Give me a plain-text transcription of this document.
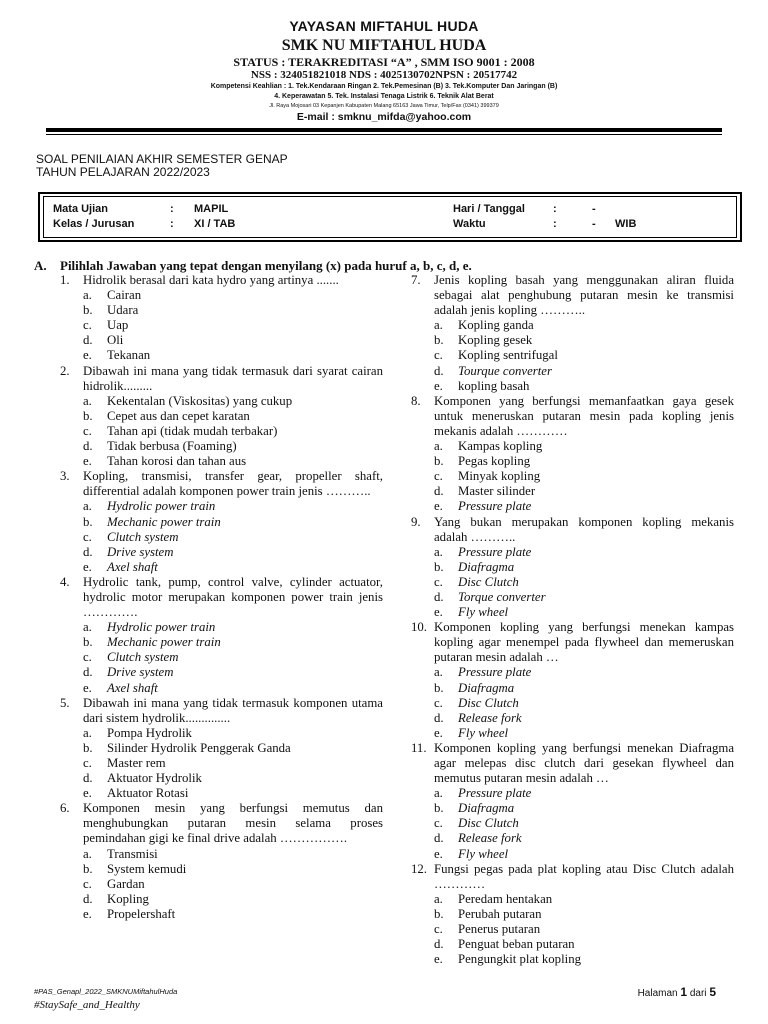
YAYASAN MIFTAHUL HUDA
SMK NU MIFTAHUL HUDA
STATUS : TERAKREDITASI “A” , SMM ISO 9001 : 2008
NSS : 324051821018 NDS : 4025130702NPSN : 20517742
Kompetensi Keahlian : 1. Tek.Kendaraan Ringan 2. Tek.Pemesinan (B) 3. Tek.Komputer Dan Jaringan (B)
4. Keperawatan 5. Tek. Instalasi Tenaga Listrik 6. Teknik Alat Berat
Jl. Raya Mojosari 03 Kepanjen Kabupaten Malang 65163 Jawa Timur, Telp/Fax (0341) 399379
E-mail : smknu_mifda@yahoo.com
SOAL PENILAIAN AKHIR SEMESTER GENAP
TAHUN PELAJARAN 2022/2023
Mata Ujian	: MAPIL
Kelas / Jurusan	: XI / TAB
Hari / Tanggal	:	-
Waktu	:	- WIB
A. Pilihlah Jawaban yang tepat dengan menyilang (x) pada huruf a, b, c, d, e.
1.	Hidrolik berasal dari kata hydro yang artinya .......
a.	Cairan
b.	Udara
c.	Uap
d.	Oli
e.	Tekanan
2.	Dibawah ini mana yang tidak termasuk dari syarat cairan hidrolik.........
a.	Kekentalan (Viskositas) yang cukup
b.	Cepet aus dan cepet karatan
c.	Tahan api (tidak mudah terbakar)
d.	Tidak berbusa (Foaming)
e.	Tahan korosi dan tahan aus
3.	Kopling, transmisi, transfer gear, propeller shaft, differential adalah komponen power train jenis ………..
a.	Hydrolic power train
b.	Mechanic power train
c.	Clutch system
d.	Drive system
e.	Axel shaft
4.	Hydrolic tank, pump, control valve, cylinder actuator, hydrolic motor merupakan komponen power train jenis ………….
a.	Hydrolic power train
b.	Mechanic power train
c.	Clutch system
d.	Drive system
e.	Axel shaft
5.	Dibawah ini mana yang tidak termasuk komponen utama dari sistem hydrolik..............
a.	Pompa Hydrolik
b.	Silinder Hydrolik Penggerak Ganda
c.	Master rem
d.	Aktuator Hydrolik
e.	Aktuator Rotasi
6.	Komponen mesin yang berfungsi memutus dan menghubungkan putaran mesin selama proses pemindahan gigi ke final drive adalah …………….
a.	Transmisi
b.	System kemudi
c.	Gardan
d.	Kopling
e.	Propelershaft
7.	Jenis kopling basah yang menggunakan aliran fluida sebagai alat penghubung putaran mesin ke transmisi adalah jenis kopling ………..
a.	Kopling ganda
b.	Kopling gesek
c.	Kopling sentrifugal
d.	Tourque converter
e.	kopling basah
8.	Komponen yang berfungsi memanfaatkan gaya gesek untuk meneruskan putaran mesin pada kopling jenis mekanis adalah …………
a.	Kampas kopling
b.	Pegas kopling
c.	Minyak kopling
d.	Master silinder
e.	Pressure plate
9.	Yang bukan merupakan komponen kopling mekanis adalah ………..
a.	Pressure plate
b.	Diafragma
c.	Disc Clutch
d.	Torque converter
e.	Fly wheel
10. Komponen kopling yang berfungsi menekan kampas kopling agar menempel pada flywheel dan memeruskan putaran mesin adalah …
a.	Pressure plate
b.	Diafragma
c.	Disc Clutch
d.	Release fork
e.	Fly wheel
11. Komponen kopling yang berfungsi menekan Diafragma agar melepas disc clutch dari gesekan flywheel dan memutus putaran mesin adalah …
a.	Pressure plate
b.	Diafragma
c.	Disc Clutch
d.	Release fork
e.	Fly wheel
12. Fungsi pegas pada plat kopling atau Disc Clutch adalah …………
a.	Peredam hentakan
b.	Perubah putaran
c.	Penerus putaran
d.	Penguat beban putaran
e.	Pengungkit plat kopling
#PAS_Genapl_2022_SMKNUMiftahulHuda
#StaySafe_and_Healthy
Halaman 1 dari 5
